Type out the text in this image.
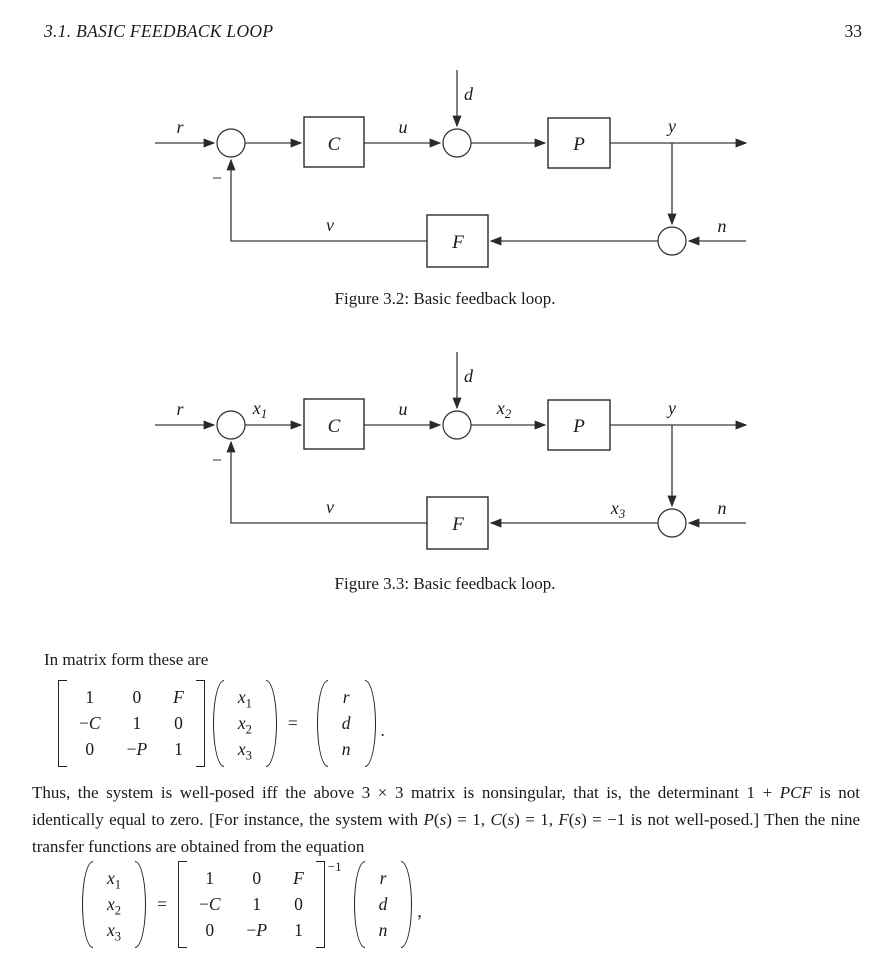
3.1. BASIC FEEDBACK LOOP	33
C	P
F
r	u
d
y
n
v
−
Figure 3.2: Basic feedback loop.
C	P
F
r	u
d
y
n
v
−
$x_1$	$x_2$
$x_3$
Figure 3.3: Basic feedback loop.
In matrix form these are
1 0 F
−C 1 0
0 −P 1
$x_1$
$x_2$
$x_3$
=
r
d
n
.
Thus, the system is well-posed iff the above 3 × 3 matrix is nonsingular, that is, the determinant 1 + PCF is not identically equal to zero. [For instance, the system with P(s) = 1, C(s) = 1, F(s) = −1 is not well-posed.] Then the nine transfer functions are obtained from the equation
$x_1$
$x_2$
$x_3$
=
1 0 F
−C 1 0
0 −P 1
−1
r
d
n
,
